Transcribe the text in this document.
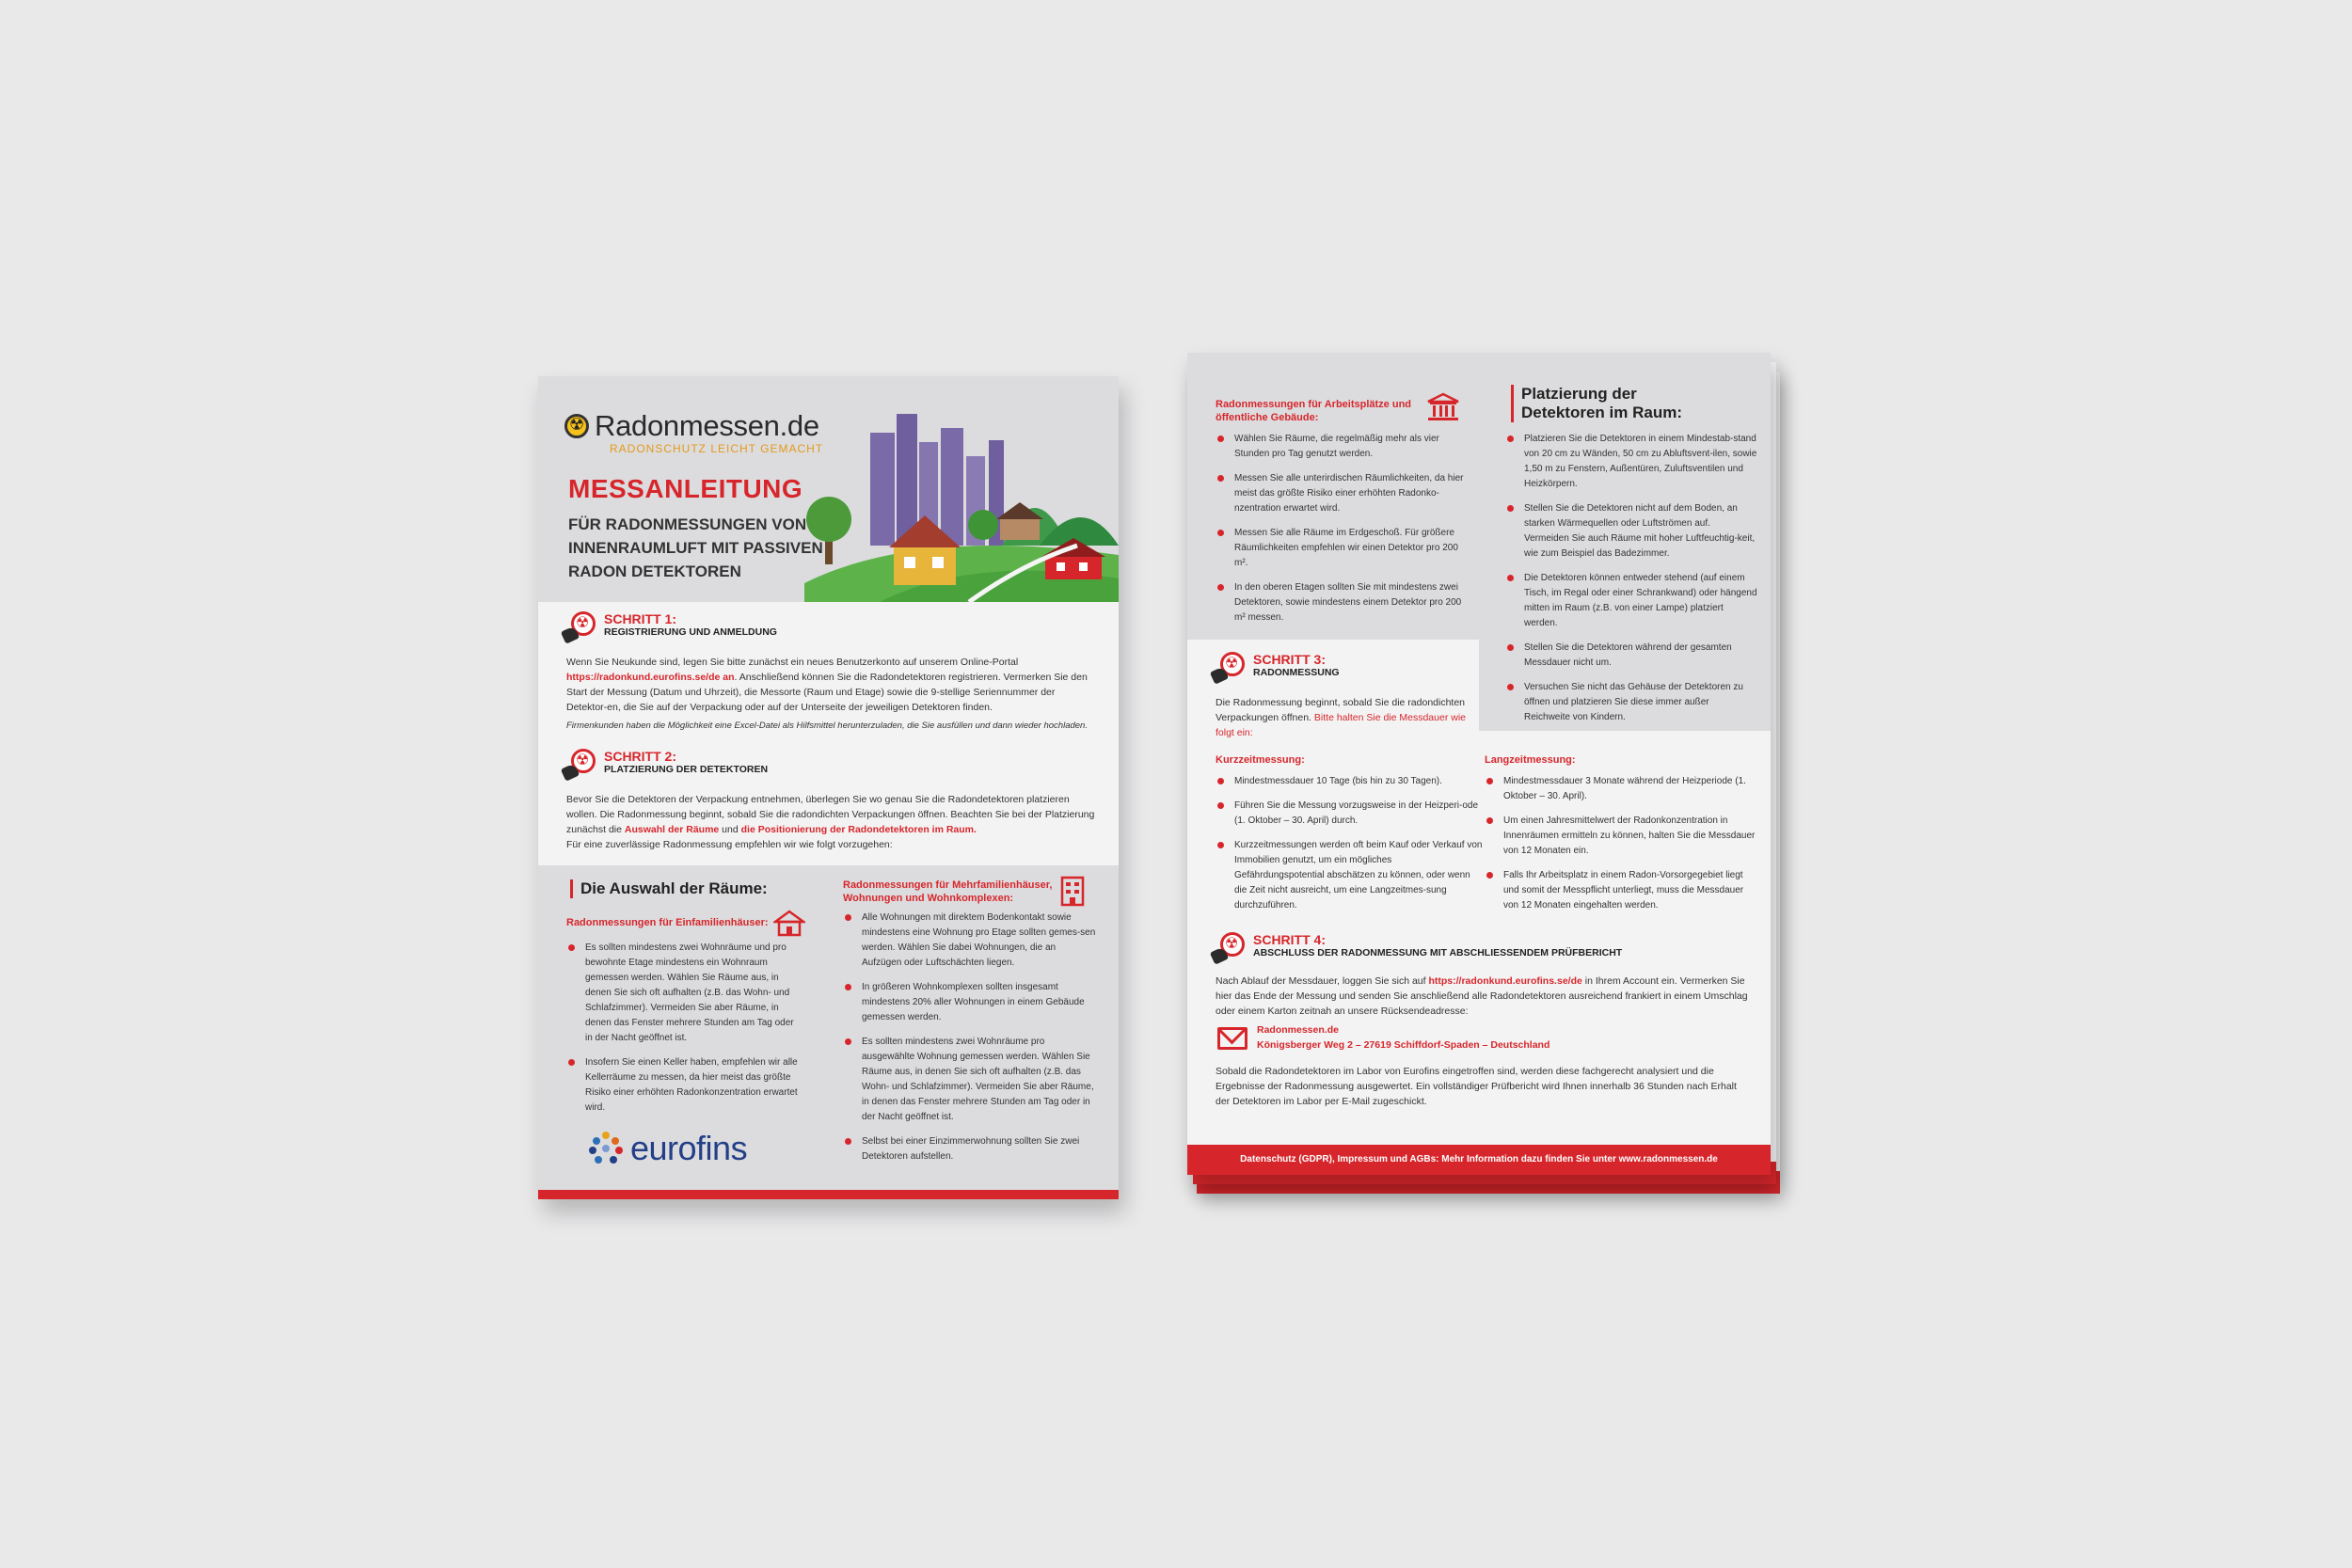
☢
Radonmessen.de
RADONSCHUTZ LEICHT GEMACHT
MESSANLEITUNG
FÜR RADONMESSUNGEN VON INNENRAUMLUFT MIT PASSIVEN RADON DETEKTOREN
☢
SCHRITT 1:
REGISTRIERUNG UND ANMELDUNG
Wenn Sie Neukunde sind, legen Sie bitte zunächst ein neues Benutzerkonto auf unserem Online-Portal https://radonkund.eurofins.se/de an. Anschließend können Sie die Radondetektoren registrieren. Vermerken Sie den Start der Messung (Datum und Uhrzeit), die Messorte (Raum und Etage) sowie die 9-stellige Seriennummer der Detektor-en, die Sie auf der Verpackung oder auf der Unterseite der jeweiligen Detektoren finden.
Firmenkunden haben die Möglichkeit eine Excel-Datei als Hilfsmittel herunterzuladen, die Sie ausfüllen und dann wieder hochladen.
☢
SCHRITT 2:
PLATZIERUNG DER DETEKTOREN
Bevor Sie die Detektoren der Verpackung entnehmen, überlegen Sie wo genau Sie die Radondetektoren platzieren wollen. Die Radonmessung beginnt, sobald Sie die radondichten Verpackungen öffnen. Beachten Sie bei der Platzierung zunächst die Auswahl der Räume und die Positionierung der Radondetektoren im Raum.
Für eine zuverlässige Radonmessung empfehlen wir wie folgt vorzugehen:
Die Auswahl der Räume:
Radonmessungen für Einfamilienhäuser:
Es sollten mindestens zwei Wohnräume und pro bewohnte Etage mindestens ein Wohnraum gemessen werden. Wählen Sie Räume aus, in denen Sie sich oft aufhalten (z.B. das Wohn- und Schlafzimmer). Vermeiden Sie aber Räume, in denen das Fenster mehrere Stunden am Tag oder in der Nacht geöffnet ist.
Insofern Sie einen Keller haben, empfehlen wir alle Kellerräume zu messen, da hier meist das größte Risiko einer erhöhten Radonkonzentration erwartet wird.
Radonmessungen für Mehrfamilienhäuser, Wohnungen und Wohnkomplexen:
Alle Wohnungen mit direktem Bodenkontakt sowie mindestens eine Wohnung pro Etage sollten gemes-sen werden. Wählen Sie dabei Wohnungen, die an Aufzügen oder Luftschächten liegen.
In größeren Wohnkomplexen sollten insgesamt mindestens 20% aller Wohnungen in einem Gebäude gemessen werden.
Es sollten mindestens zwei Wohnräume pro ausgewählte Wohnung gemessen werden. Wählen Sie Räume aus, in denen Sie sich oft aufhalten (z.B. das Wohn- und Schlafzimmer). Vermeiden Sie aber Räume, in denen das Fenster mehrere Stunden am Tag oder in der Nacht geöffnet ist.
Selbst bei einer Einzimmerwohnung sollten Sie zwei Detektoren aufstellen.
eurofins
Radonmessungen für Arbeitsplätze und öffentliche Gebäude:
Wählen Sie Räume, die regelmäßig mehr als vier Stunden pro Tag genutzt werden.
Messen Sie alle unterirdischen Räumlichkeiten, da hier meist das größte Risiko einer erhöhten Radonko-nzentration erwartet wird.
Messen Sie alle Räume im Erdgeschoß. Für größere Räumlichkeiten empfehlen wir einen Detektor pro 200 m².
In den oberen Etagen sollten Sie mit mindestens zwei Detektoren, sowie mindestens einem Detektor pro 200 m² messen.
Platzierung der Detektoren im Raum:
Platzieren Sie die Detektoren in einem Mindestab-stand von 20 cm zu Wänden, 50 cm zu Abluftsvent-ilen, sowie 1,50 m zu Fenstern, Außentüren, Zuluftsventilen und Heizkörpern.
Stellen Sie die Detektoren nicht auf dem Boden, an starken Wärmequellen oder Luftströmen auf. Vermeiden Sie auch Räume mit hoher Luftfeuchtig-keit, wie zum Beispiel das Badezimmer.
Die Detektoren können entweder stehend (auf einem Tisch, im Regal oder einer Schrankwand) oder hängend mitten im Raum (z.B. von einer Lampe) platziert werden.
Stellen Sie die Detektoren während der gesamten Messdauer nicht um.
Versuchen Sie nicht das Gehäuse der Detektoren zu öffnen und platzieren Sie diese immer außer Reichweite von Kindern.
☢
SCHRITT 3:
RADONMESSUNG
Die Radonmessung beginnt, sobald Sie die radondichten Verpackungen öffnen. Bitte halten Sie die Messdauer wie folgt ein:
Kurzzeitmessung:
Mindestmessdauer 10 Tage (bis hin zu 30 Tagen).
Führen Sie die Messung vorzugsweise in der Heizperi-ode (1. Oktober – 30. April) durch.
Kurzzeitmessungen werden oft beim Kauf oder Verkauf von Immobilien genutzt, um ein mögliches Gefährdungspotential abschätzen zu können, oder wenn die Zeit nicht ausreicht, um eine Langzeitmes-sung durchzuführen.
Langzeitmessung:
Mindestmessdauer 3 Monate während der Heizperiode (1. Oktober – 30. April).
Um einen Jahresmittelwert der Radonkonzentration in Innenräumen ermitteln zu können, halten Sie die Messdauer von 12 Monaten ein.
Falls Ihr Arbeitsplatz in einem Radon-Vorsorgegebiet liegt und somit der Messpflicht unterliegt, muss die Messdauer von 12 Monaten eingehalten werden.
☢
SCHRITT 4:
ABSCHLUSS DER RADONMESSUNG MIT ABSCHLIESSENDEM PRÜFBERICHT
Nach Ablauf der Messdauer, loggen Sie sich auf https://radonkund.eurofins.se/de in Ihrem Account ein. Vermerken Sie hier das Ende der Messung und senden Sie anschließend alle Radondetektoren ausreichend frankiert in einem Umschlag oder einem Karton zeitnah an unsere Rücksendeadresse:
Radonmessen.de
Königsberger Weg 2 – 27619 Schiffdorf-Spaden – Deutschland
Sobald die Radondetektoren im Labor von Eurofins eingetroffen sind, werden diese fachgerecht analysiert und die Ergebnisse der Radonmessung ausgewertet. Ein vollständiger Prüfbericht wird Ihnen innerhalb 36 Stunden nach Erhalt der Detektoren im Labor per E-Mail zugeschickt.
Datenschutz (GDPR), Impressum und AGBs: Mehr Information dazu finden Sie unter www.radonmessen.de
